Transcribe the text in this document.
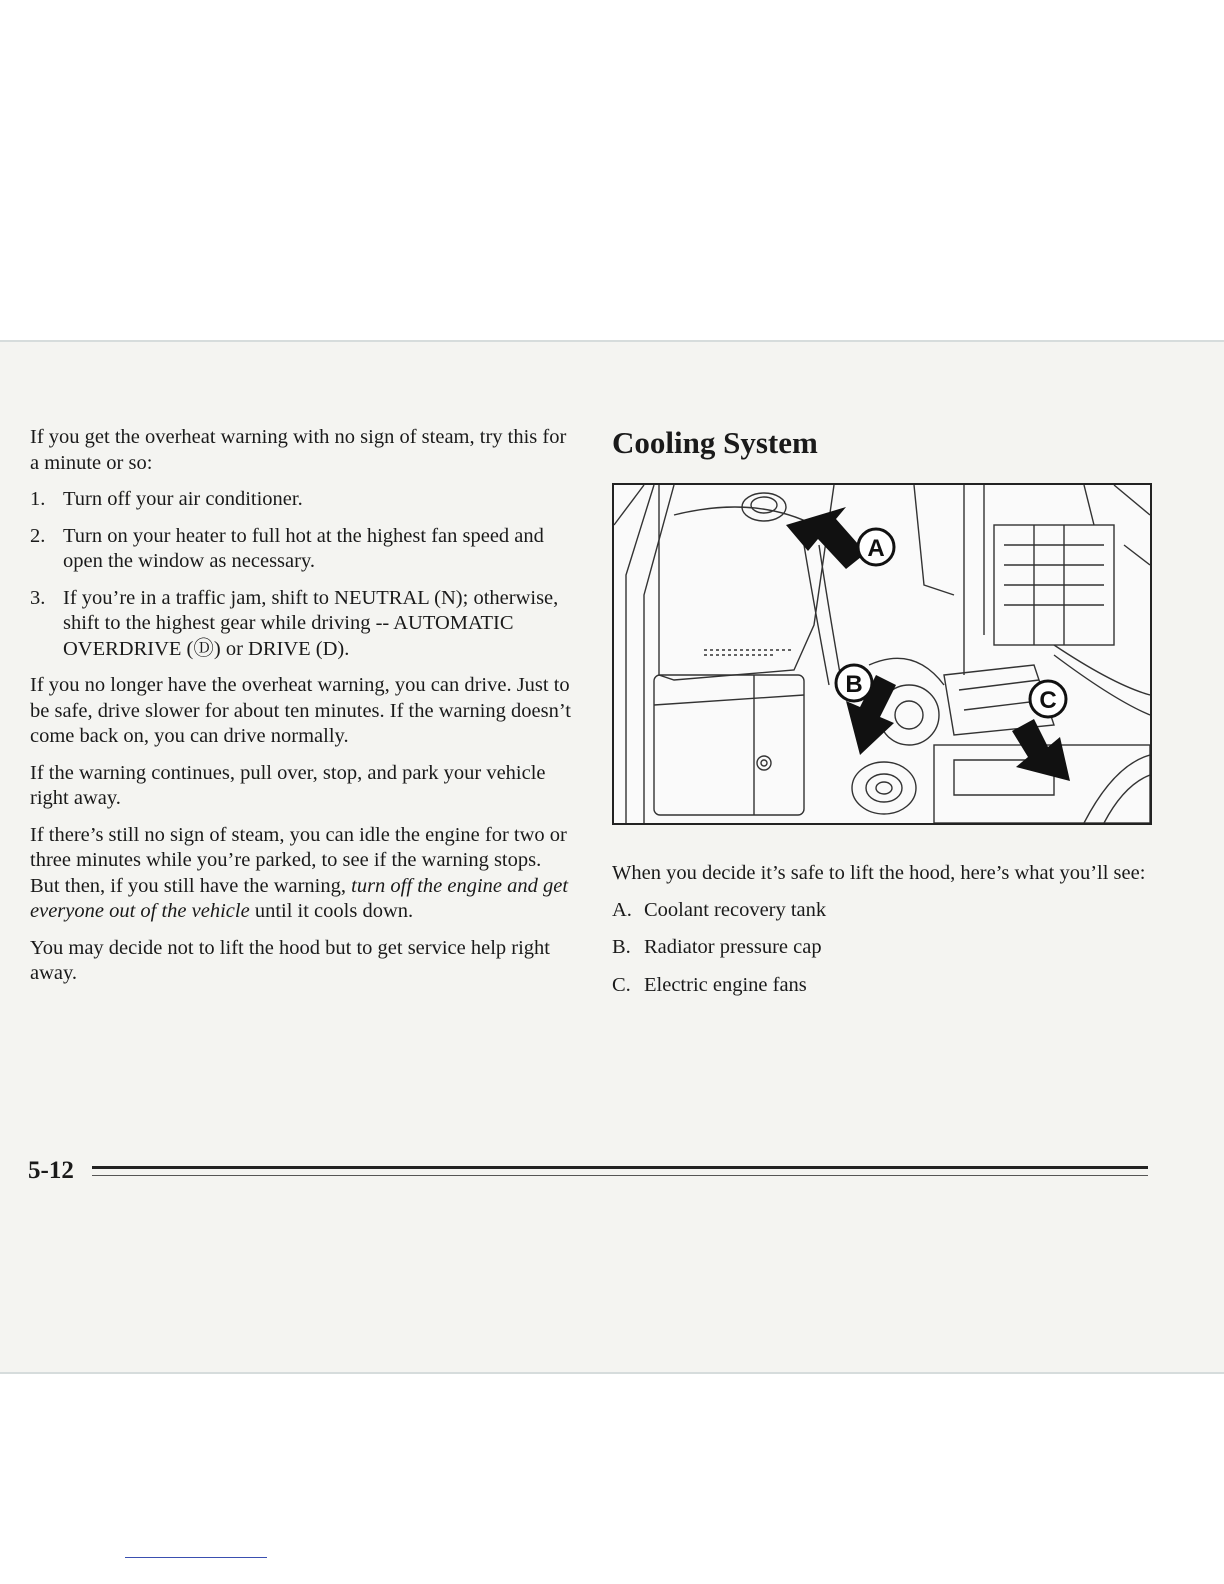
If you get the overheat warning with no sign of steam, try this for a minute or so:

1. Turn off your air conditioner.
2. Turn on your heater to full hot at the highest fan speed and open the window as necessary.
3. If you’re in a traffic jam, shift to NEUTRAL (N); otherwise, shift to the highest gear while driving -- AUTOMATIC OVERDRIVE (Ⓓ) or DRIVE (D).

If you no longer have the overheat warning, you can drive. Just to be safe, drive slower for about ten minutes. If the warning doesn’t come back on, you can drive normally.

If the warning continues, pull over, stop, and park your vehicle right away.

If there’s still no sign of steam, you can idle the engine for two or three minutes while you’re parked, to see if the warning stops. But then, if you still have the warning, turn off the engine and get everyone out of the vehicle until it cools down.

You may decide not to lift the hood but to get service help right away.

Cooling System
A
B
C

When you decide it’s safe to lift the hood, here’s what you’ll see:

A. Coolant recovery tank
B. Radiator pressure cap
C. Electric engine fans
5-12
